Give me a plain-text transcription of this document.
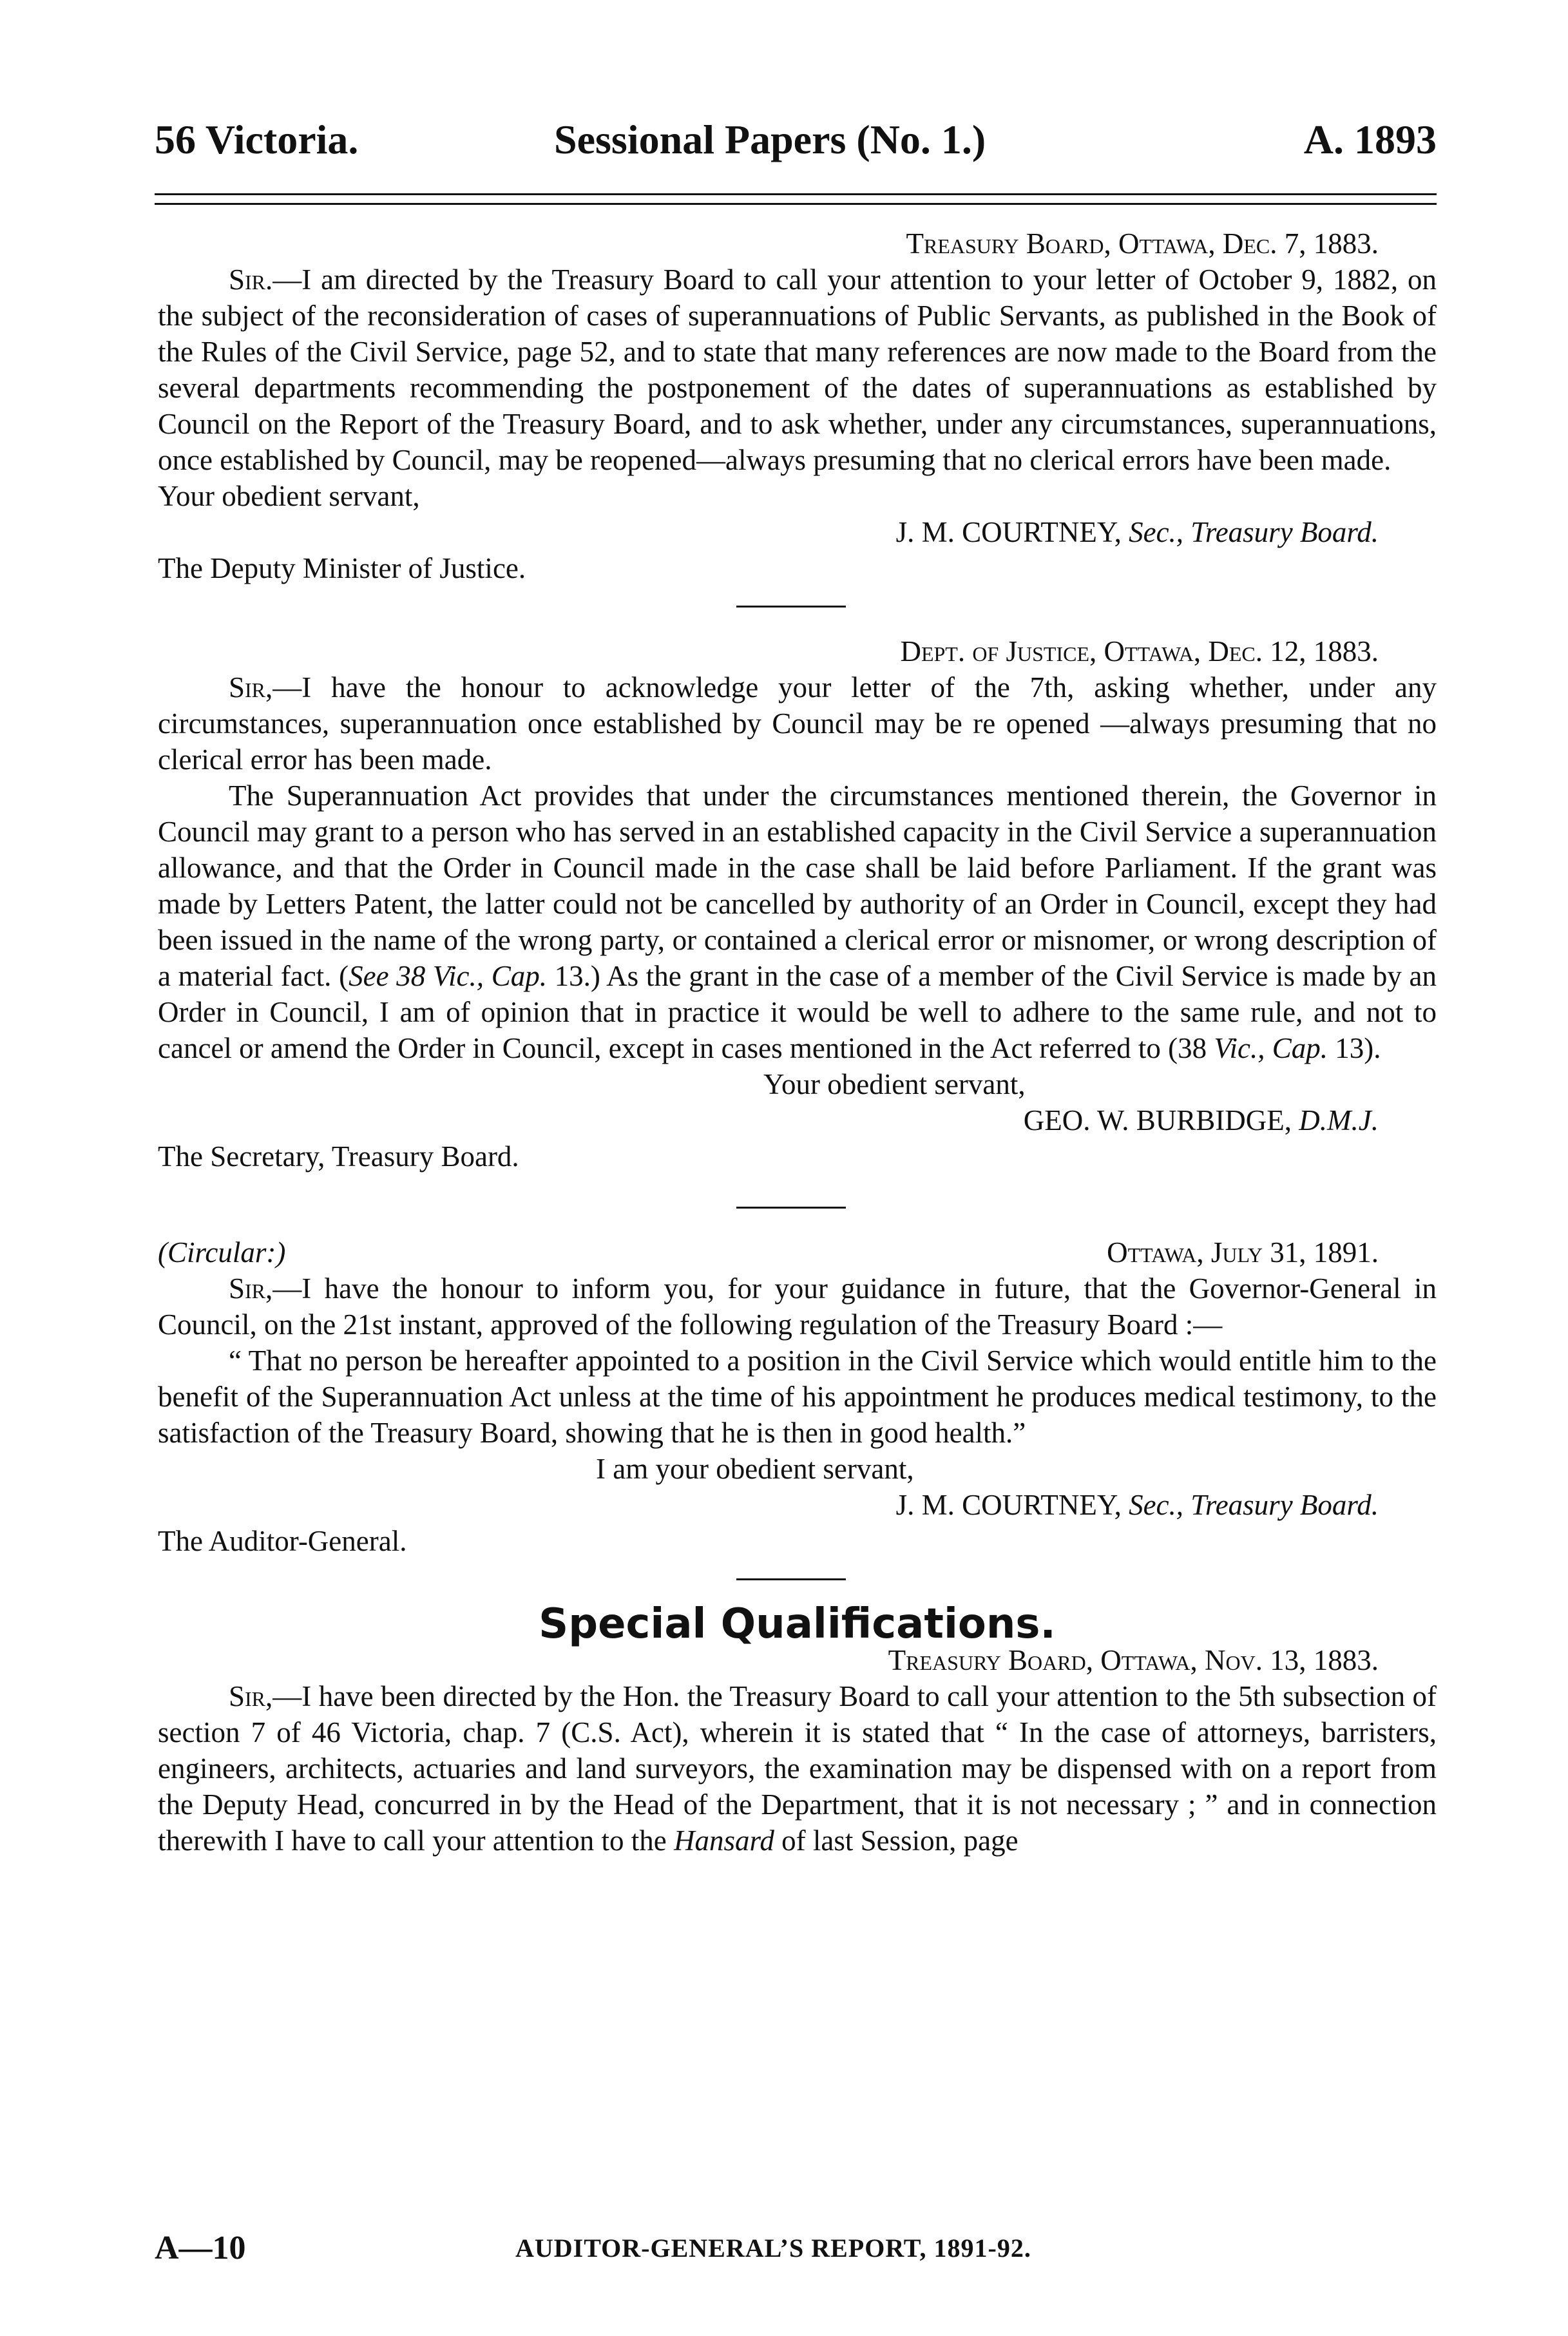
56 Victoria.	Sessional Papers (No. 1.)	A. 1893

Treasury Board, Ottawa, Dec. 7, 1883.

Sir.—I am directed by the Treasury Board to call your attention to your letter of October 9, 1882, on the subject of the reconsideration of cases of superannuations of Public Servants, as published in the Book of the Rules of the Civil Service, page 52, and to state that many references are now made to the Board from the several departments recommending the postponement of the dates of superannuations as established by Council on the Report of the Treasury Board, and to ask whether, under any circumstances, superannuations, once established by Council, may be reopened—always presuming that no clerical errors have been made.

Your obedient servant,

J. M. COURTNEY, Sec., Treasury Board.

The Deputy Minister of Justice.

Dept. of Justice, Ottawa, Dec. 12, 1883.

Sir,—I have the honour to acknowledge your letter of the 7th, asking whether, under any circumstances, superannuation once established by Council may be re opened —always presuming that no clerical error has been made.

The Superannuation Act provides that under the circumstances mentioned therein, the Governor in Council may grant to a person who has served in an established capacity in the Civil Service a superannuation allowance, and that the Order in Council made in the case shall be laid before Parliament. If the grant was made by Letters Patent, the latter could not be cancelled by authority of an Order in Council, except they had been issued in the name of the wrong party, or contained a clerical error or misnomer, or wrong description of a material fact. (See 38 Vic., Cap. 13.) As the grant in the case of a member of the Civil Service is made by an Order in Council, I am of opinion that in practice it would be well to adhere to the same rule, and not to cancel or amend the Order in Council, except in cases mentioned in the Act referred to (38 Vic., Cap. 13).

Your obedient servant,

GEO. W. BURBIDGE, D.M.J.

The Secretary, Treasury Board.

(Circular:)	Ottawa, July 31, 1891.

Sir,—I have the honour to inform you, for your guidance in future, that the Governor-General in Council, on the 21st instant, approved of the following regulation of the Treasury Board :—

“ That no person be hereafter appointed to a position in the Civil Service which would entitle him to the benefit of the Superannuation Act unless at the time of his appointment he produces medical testimony, to the satisfaction of the Treasury Board, showing that he is then in good health.”

I am your obedient servant,

J. M. COURTNEY, Sec., Treasury Board.

The Auditor-General.

Special Qualifications.

Treasury Board, Ottawa, Nov. 13, 1883.

Sir,—I have been directed by the Hon. the Treasury Board to call your attention to the 5th subsection of section 7 of 46 Victoria, chap. 7 (C.S. Act), wherein it is stated that “ In the case of attorneys, barristers, engineers, architects, actuaries and land surveyors, the examination may be dispensed with on a report from the Deputy Head, concurred in by the Head of the Department, that it is not necessary ; ” and in connection therewith I have to call your attention to the Hansard of last Session, page

A—10	AUDITOR-GENERAL’S REPORT, 1891-92.
